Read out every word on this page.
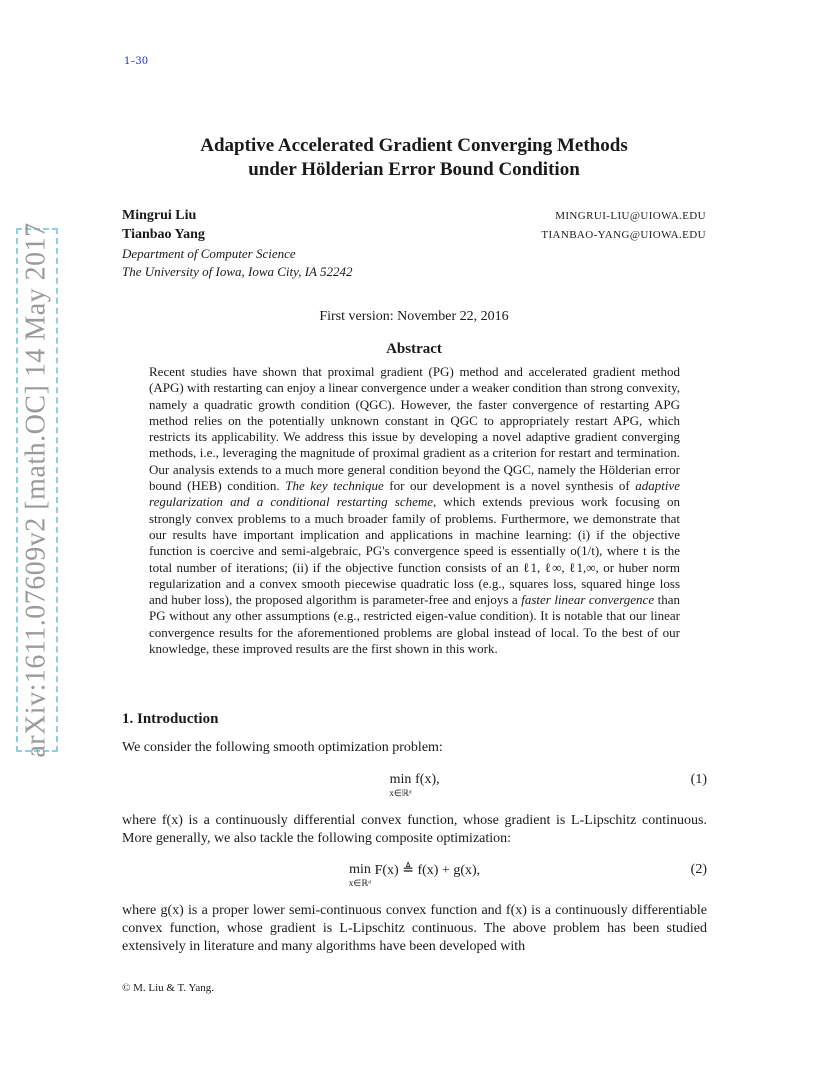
1–30
arXiv:1611.07609v2 [math.OC] 14 May 2017
Adaptive Accelerated Gradient Converging Methods
under Hölderian Error Bound Condition
Mingrui Liu	MINGRUI-LIU@UIOWA.EDU
Tianbao Yang	TIANBAO-YANG@UIOWA.EDU
Department of Computer Science
The University of Iowa, Iowa City, IA 52242
First version: November 22, 2016
Abstract
Recent studies have shown that proximal gradient (PG) method and accelerated gradient method (APG) with restarting can enjoy a linear convergence under a weaker condition than strong convexity, namely a quadratic growth condition (QGC). However, the faster convergence of restarting APG method relies on the potentially unknown constant in QGC to appropriately restart APG, which restricts its applicability. We address this issue by developing a novel adaptive gradient converging methods, i.e., leveraging the magnitude of proximal gradient as a criterion for restart and termination. Our analysis extends to a much more general condition beyond the QGC, namely the Hölderian error bound (HEB) condition. The key technique for our development is a novel synthesis of adaptive regularization and a conditional restarting scheme, which extends previous work focusing on strongly convex problems to a much broader family of problems. Furthermore, we demonstrate that our results have important implication and applications in machine learning: (i) if the objective function is coercive and semi-algebraic, PG's convergence speed is essentially o(1/t), where t is the total number of iterations; (ii) if the objective function consists of an ℓ1, ℓ∞, ℓ1,∞, or huber norm regularization and a convex smooth piecewise quadratic loss (e.g., squares loss, squared hinge loss and huber loss), the proposed algorithm is parameter-free and enjoys a faster linear convergence than PG without any other assumptions (e.g., restricted eigen-value condition). It is notable that our linear convergence results for the aforementioned problems are global instead of local. To the best of our knowledge, these improved results are the first shown in this work.
1. Introduction
We consider the following smooth optimization problem:
min
x∈ℝᵈ
f(x),	(1)
where f(x) is a continuously differential convex function, whose gradient is L-Lipschitz continuous. More generally, we also tackle the following composite optimization:
min
x∈ℝᵈ
F(x) ≜ f(x) + g(x),	(2)
where g(x) is a proper lower semi-continuous convex function and f(x) is a continuously differentiable convex function, whose gradient is L-Lipschitz continuous. The above problem has been studied extensively in literature and many algorithms have been developed with
© M. Liu & T. Yang.
